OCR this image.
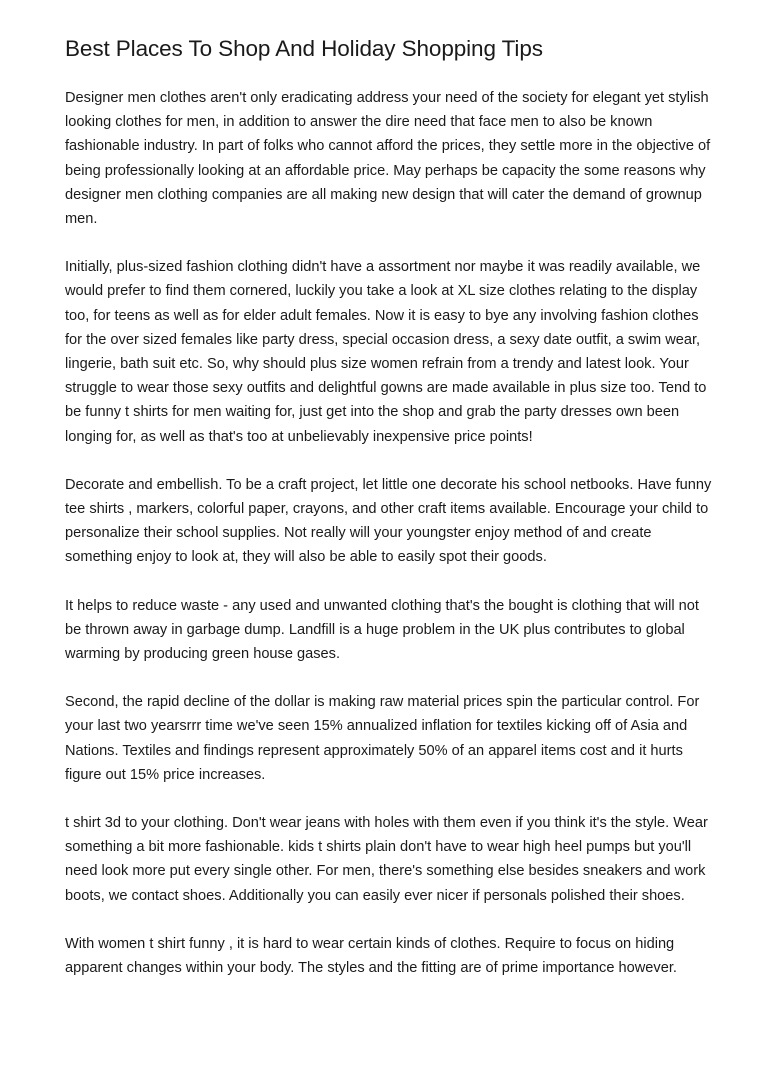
Best Places To Shop And Holiday Shopping Tips

Designer men clothes aren't only eradicating address your need of the society for elegant yet stylish looking clothes for men, in addition to answer the dire need that face men to also be known fashionable industry. In part of folks who cannot afford the prices, they settle more in the objective of being professionally looking at an affordable price. May perhaps be capacity the some reasons why designer men clothing companies are all making new design that will cater the demand of grownup men.

Initially, plus-sized fashion clothing didn't have a assortment nor maybe it was readily available, we would prefer to find them cornered, luckily you take a look at XL size clothes relating to the display too, for teens as well as for elder adult females. Now it is easy to bye any involving fashion clothes for the over sized females like party dress, special occasion dress, a sexy date outfit, a swim wear, lingerie, bath suit etc. So, why should plus size women refrain from a trendy and latest look. Your struggle to wear those sexy outfits and delightful gowns are made available in plus size too. Tend to be funny t shirts for men waiting for, just get into the shop and grab the party dresses own been longing for, as well as that's too at unbelievably inexpensive price points!

Decorate and embellish. To be a craft project, let little one decorate his school netbooks. Have funny tee shirts , markers, colorful paper, crayons, and other craft items available. Encourage your child to personalize their school supplies. Not really will your youngster enjoy method of and create something enjoy to look at, they will also be able to easily spot their goods.

It helps to reduce waste - any used and unwanted clothing that's the bought is clothing that will not be thrown away in garbage dump. Landfill is a huge problem in the UK plus contributes to global warming by producing green house gases.

Second, the rapid decline of the dollar is making raw material prices spin the particular control. For your last two yearsrrr time we've seen 15% annualized inflation for textiles kicking off of Asia and Nations. Textiles and findings represent approximately 50% of an apparel items cost and it hurts figure out 15% price increases.

t shirt 3d to your clothing. Don't wear jeans with holes with them even if you think it's the style. Wear something a bit more fashionable. kids t shirts plain don't have to wear high heel pumps but you'll need look more put every single other. For men, there's something else besides sneakers and work boots, we contact shoes. Additionally you can easily ever nicer if personals polished their shoes.

With women t shirt funny , it is hard to wear certain kinds of clothes. Require to focus on hiding apparent changes within your body. The styles and the fitting are of prime importance however.
